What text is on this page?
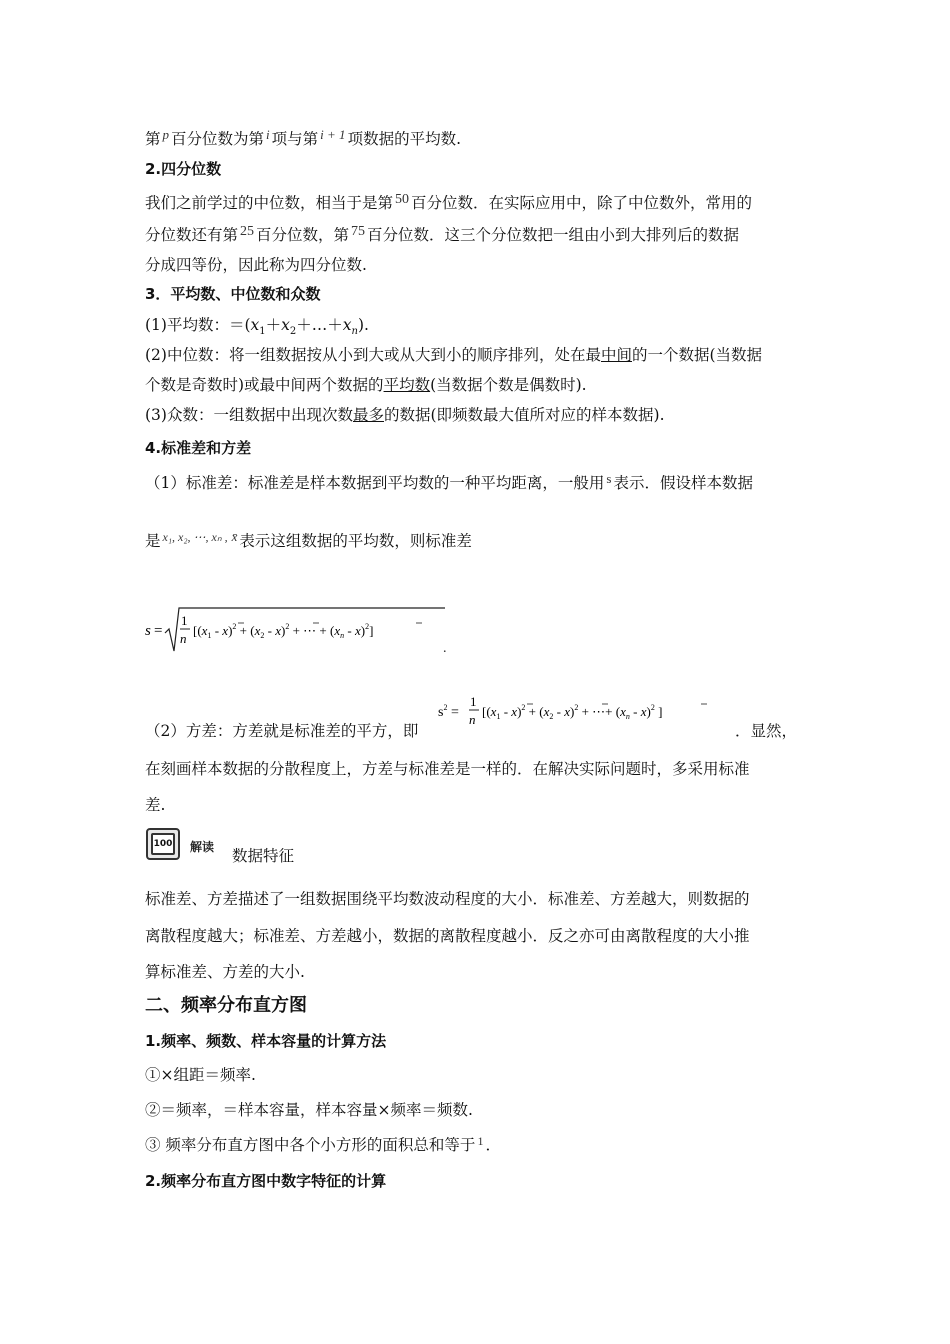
第 $^p$ 百分位数为第 $^i$ 项与第 $^{i + 1}$ 项数据的平均数.
2.四分位数
我们之前学过的中位数，相当于是第 50 百分位数．在实际应用中，除了中位数外，常用的
分位数还有第 25 百分位数，第 75 百分位数．这三个分位数把一组由小到大排列后的数据
分成四等份，因此称为四分位数.
3．平均数、中位数和众数
(1)平均数：$=(x_1+x_2+\dots+x_n)$.
(2)中位数：将一组数据按从小到大或从大到小的顺序排列，处在最中间的一个数据(当数据
个数是奇数时)或最中间两个数据的平均数(当数据个数是偶数时).
(3)众数：一组数据中出现次数最多的数据(即频数最大值所对应的样本数据).
4.标准差和方差
（1）标准差：标准差是样本数据到平均数的一种平均距离，一般用 $^s$ 表示．假设样本数据
是 $^{x_1, x_2, \cdots, x_n ,}$ $^{x̄}$ 表示这组数据的平均数，则标准差
s =
1
n
[$(x_1 - x)^2 + (x_2 - x)^2$ + ⋯ + $(x_n - x)^2$]
.
（2）方差：方差就是标准差的平方，即
$s^2$ =
1
n
[$(x_1 - x)^2 + (x_2 - x)^2$ + ⋯+ $(x_n - x)^2$ ]
．显然，
在刻画样本数据的分散程度上，方差与标准差是一样的．在解决实际问题时，多采用标准
差.
100 解读 数据特征
标准差、方差描述了一组数据围绕平均数波动程度的大小．标准差、方差越大，则数据的
离散程度越大；标准差、方差越小，数据的离散程度越小．反之亦可由离散程度的大小推
算标准差、方差的大小.
二、频率分布直方图
1.频率、频数、样本容量的计算方法
①×组距＝频率.
②＝频率，＝样本容量，样本容量×频率＝频数.
③ 频率分布直方图中各个小方形的面积总和等于 $^1$ ．
2.频率分布直方图中数字特征的计算
